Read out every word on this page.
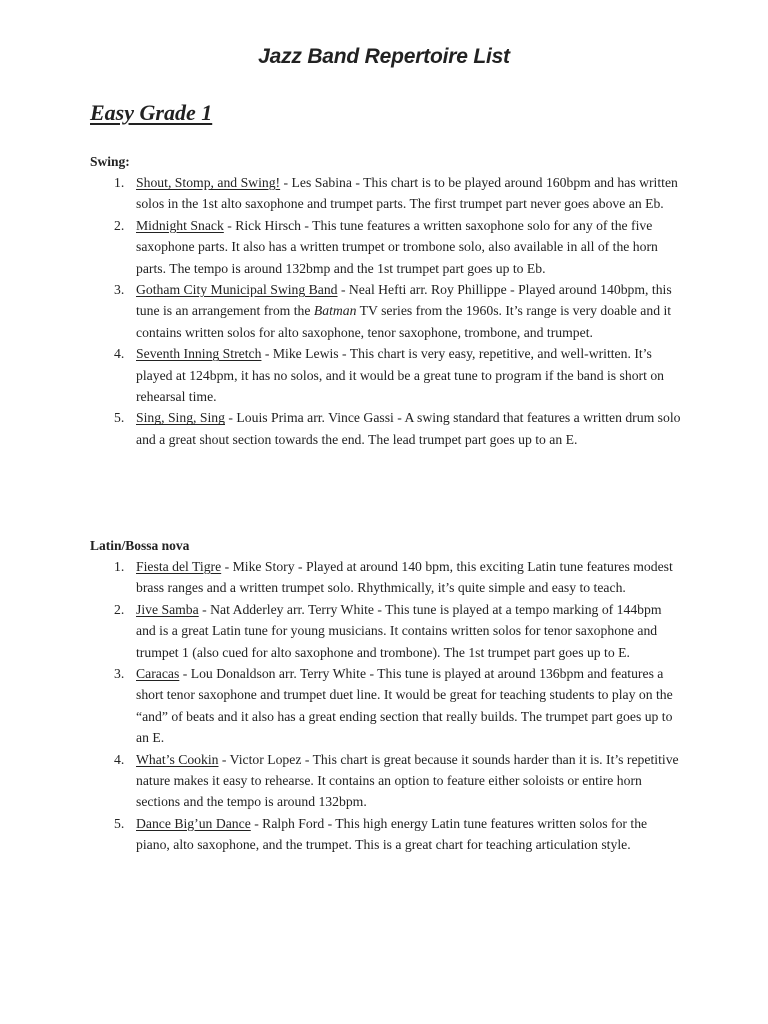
Jazz Band Repertoire List
Easy Grade 1
Swing:
1. Shout, Stomp, and Swing! - Les Sabina - This chart is to be played around 160bpm and has written solos in the 1st alto saxophone and trumpet parts. The first trumpet part never goes above an Eb.
2. Midnight Snack - Rick Hirsch - This tune features a written saxophone solo for any of the five saxophone parts. It also has a written trumpet or trombone solo, also available in all of the horn parts. The tempo is around 132bmp and the 1st trumpet part goes up to Eb.
3. Gotham City Municipal Swing Band - Neal Hefti arr. Roy Phillippe - Played around 140bpm, this tune is an arrangement from the Batman TV series from the 1960s. It’s range is very doable and it contains written solos for alto saxophone, tenor saxophone, trombone, and trumpet.
4. Seventh Inning Stretch - Mike Lewis - This chart is very easy, repetitive, and well-written. It’s played at 124bpm, it has no solos, and it would be a great tune to program if the band is short on rehearsal time.
5. Sing, Sing, Sing - Louis Prima arr. Vince Gassi - A swing standard that features a written drum solo and a great shout section towards the end. The lead trumpet part goes up to an E.
Latin/Bossa nova
1. Fiesta del Tigre - Mike Story - Played at around 140 bpm, this exciting Latin tune features modest brass ranges and a written trumpet solo. Rhythmically, it’s quite simple and easy to teach.
2. Jive Samba - Nat Adderley arr. Terry White - This tune is played at a tempo marking of 144bpm and is a great Latin tune for young musicians. It contains written solos for tenor saxophone and trumpet 1 (also cued for alto saxophone and trombone). The 1st trumpet part goes up to E.
3. Caracas - Lou Donaldson arr. Terry White - This tune is played at around 136bpm and features a short tenor saxophone and trumpet duet line. It would be great for teaching students to play on the “and” of beats and it also has a great ending section that really builds. The trumpet part goes up to an E.
4. What’s Cookin - Victor Lopez - This chart is great because it sounds harder than it is. It’s repetitive nature makes it easy to rehearse. It contains an option to feature either soloists or entire horn sections and the tempo is around 132bpm.
5. Dance Big’un Dance - Ralph Ford - This high energy Latin tune features written solos for the piano, alto saxophone, and the trumpet. This is a great chart for teaching articulation style.
